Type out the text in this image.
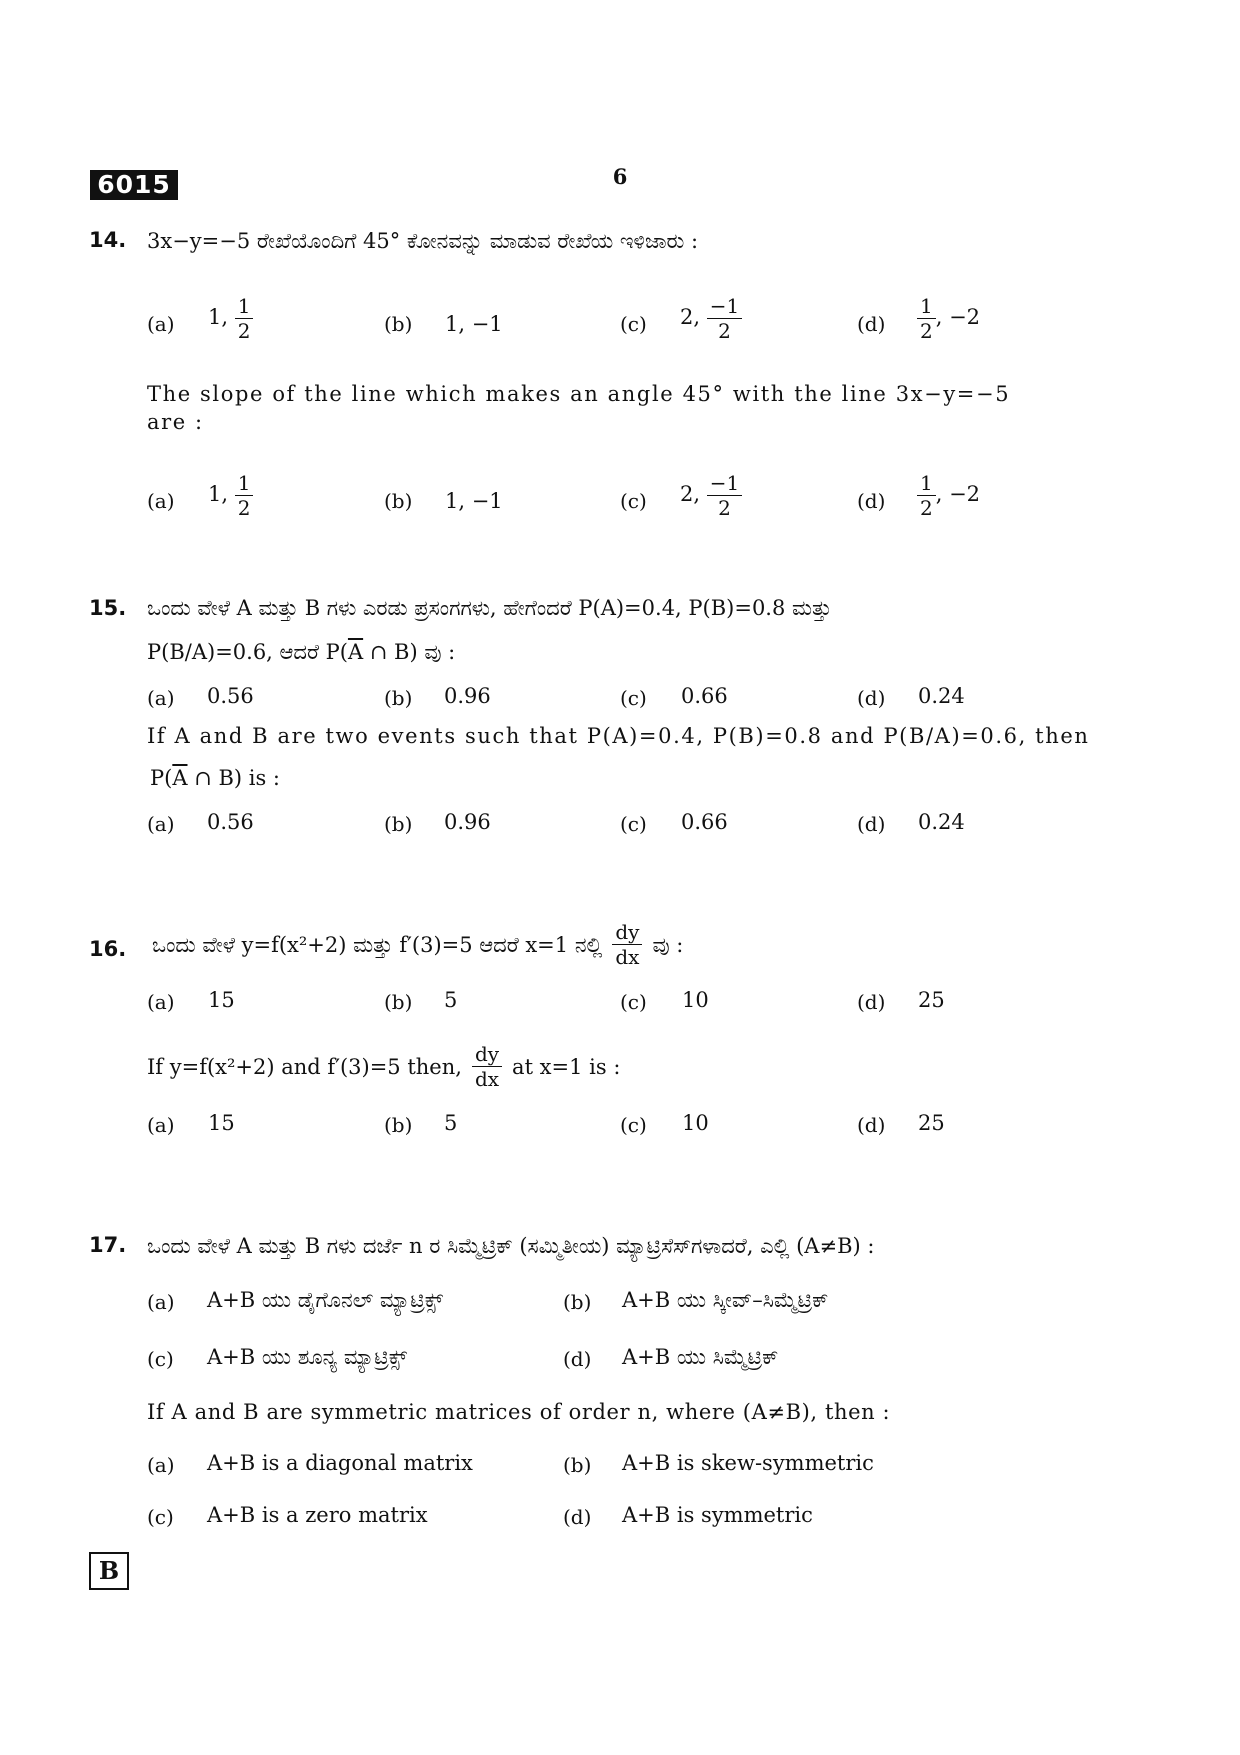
6015	6
14. 3x−y=−5 ರೇಖೆಯೊಂದಿಗೆ 45° ಕೋನವನ್ನು ಮಾಡುವ ರೇಖೆಯ ಇಳಿಜಾರು :
(a) 1, $\frac{1}{2}$	(b) 1, −1	(c) 2, $\frac{-1}{2}$	$(d) \frac{1}{2}$ , −2
The slope of the line which makes an angle 45° with the line 3x−y=−5
are :
(a) 1, $\frac{1}{2}$	(b) 1, −1	(c) 2, $\frac{-1}{2}$	$(d) \frac{1}{2}$ , −2
15. ಒಂದು ವೇಳೆ A ಮತ್ತು B ಗಳು ಎರಡು ಪ್ರಸಂಗಗಳು, ಹೇಗೆಂದರೆ P(A)=0.4, P(B)=0.8 ಮತ್ತು
P(B/A)=0.6, ಆದರೆ $P(\overline{A}$ ∩ B) ವು :
(a) 0.56	(b) 0.96	(c) 0.66	(d) 0.24
If A and B are two events such that P(A)=0.4, P(B)=0.8 and P(B/A)=0.6, then
$P(\overline{A}$ ∩ B) is :
(a) 0.56	(b) 0.96	(c) 0.66	(d) 0.24
16. ಒಂದು ವೇಳೆ y=f(x²+2) ಮತ್ತು f′(3)=5 ಆದರೆ x=1 ನಲ್ಲಿ $\frac{dy}{dx}$ ವು :
(a) 15	(b) 5	(c) 10	(d) 25
If y=f(x²+2) and f′(3)=5 then, $\frac{dy}{dx}$ at x=1 is :
(a) 15	(b) 5	(c) 10	(d) 25
17. ಒಂದು ವೇಳೆ A ಮತ್ತು B ಗಳು ದರ್ಜೆ n ರ ಸಿಮ್ಮೆಟ್ರಿಕ್ (ಸಮ್ಮಿತೀಯ) ಮ್ಯಾಟ್ರಿಸೆಸ್‌ಗಳಾದರೆ, ಎಲ್ಲಿ (A≠B) :
(a) A+B ಯು ಡೈಗೊನಲ್ ಮ್ಯಾಟ್ರಿಕ್ಸ್	(b) A+B ಯು ಸ್ಕೀವ್–ಸಿಮ್ಮೆಟ್ರಿಕ್
(c) A+B ಯು ಶೂನ್ಯ ಮ್ಯಾಟ್ರಿಕ್ಸ್	(d) A+B ಯು ಸಿಮ್ಮೆಟ್ರಿಕ್
If A and B are symmetric matrices of order n, where (A≠B), then :
(a) A+B is a diagonal matrix	(b) A+B is skew-symmetric
(c) A+B is a zero matrix	(d) A+B is symmetric
B
